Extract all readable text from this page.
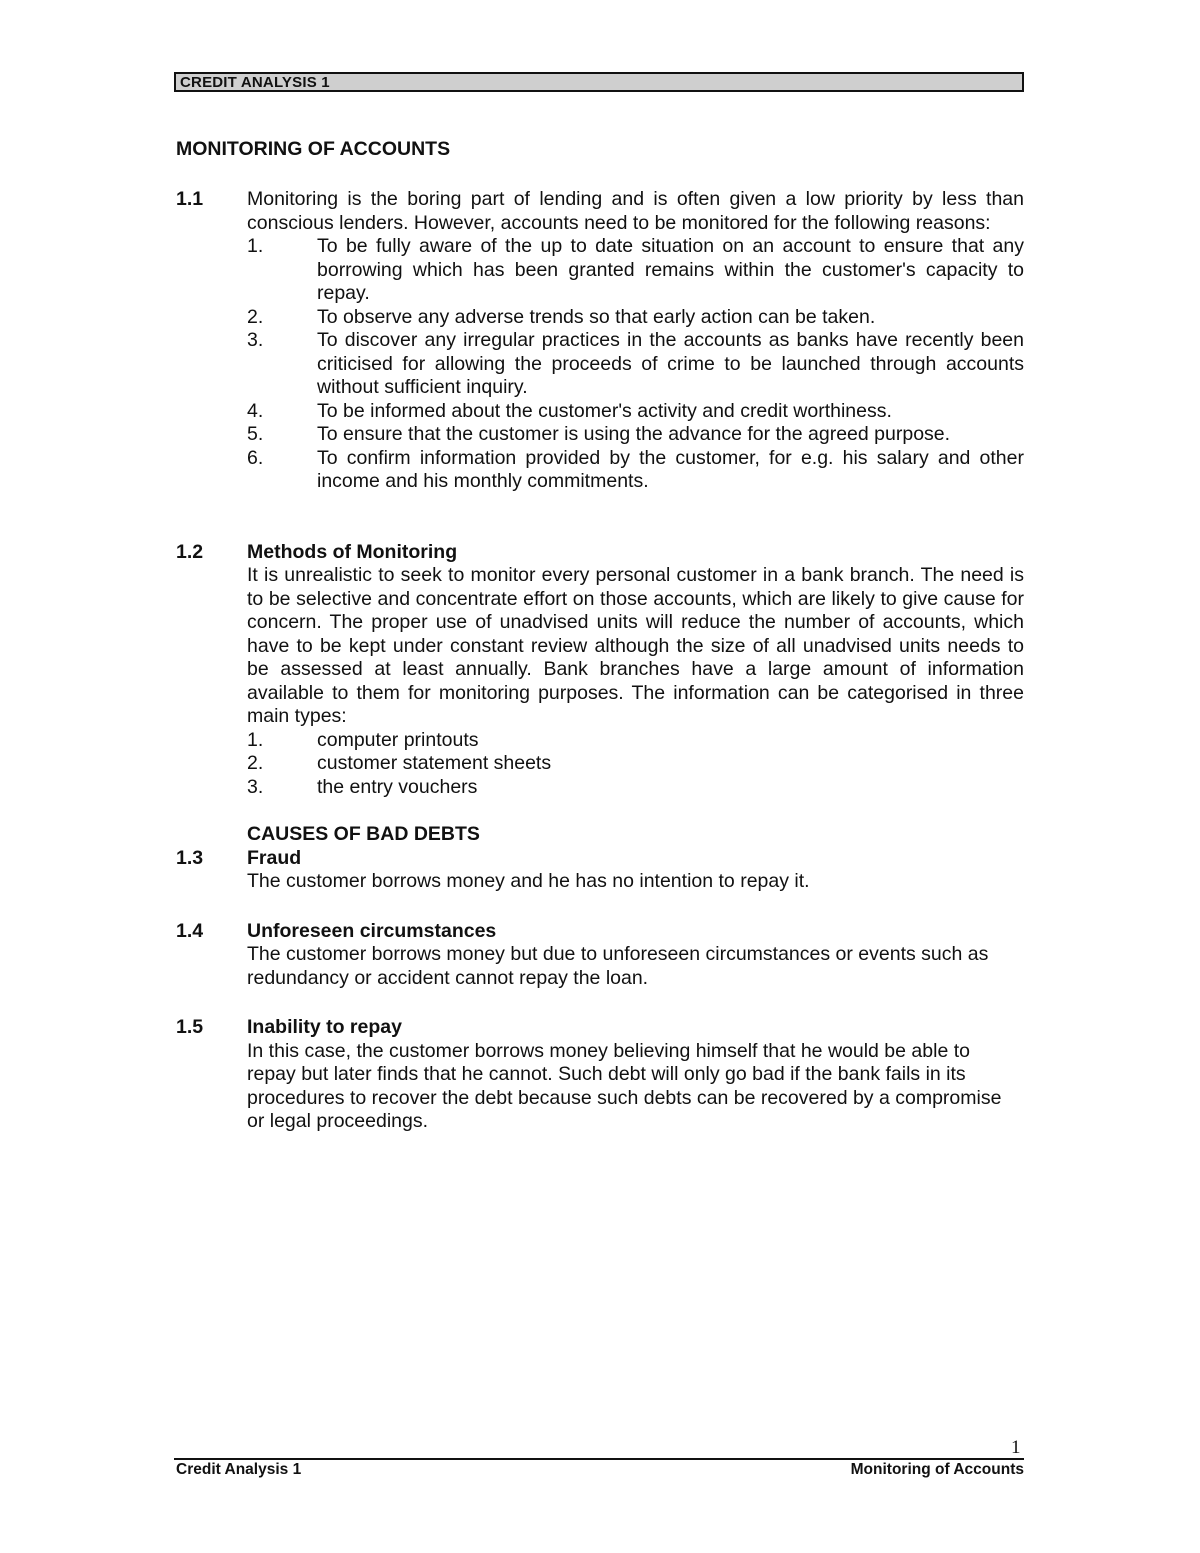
CREDIT ANALYSIS 1
MONITORING OF ACCOUNTS
1.1 Monitoring is the boring part of lending and is often given a low priority by less than conscious lenders. However, accounts need to be monitored for the following reasons:
1.	To be fully aware of the up to date situation on an account to ensure that any borrowing which has been granted remains within the customer's capacity to repay.
2.	To observe any adverse trends so that early action can be taken.
3.	To discover any irregular practices in the accounts as banks have recently been criticised for allowing the proceeds of crime to be launched through accounts without sufficient inquiry.
4.	To be informed about the customer's activity and credit worthiness.
5.	To ensure that the customer is using the advance for the agreed purpose.
6.	To confirm information provided by the customer, for e.g. his salary and other income and his monthly commitments.
1.2 Methods of Monitoring
It is unrealistic to seek to monitor every personal customer in a bank branch. The need is to be selective and concentrate effort on those accounts, which are likely to give cause for concern. The proper use of unadvised units will reduce the number of accounts, which have to be kept under constant review although the size of all unadvised units needs to be assessed at least annually. Bank branches have a large amount of information available to them for monitoring purposes. The information can be categorised in three main types:
1.	computer printouts
2.	customer statement sheets
3.	the entry vouchers
CAUSES OF BAD DEBTS
1.3 Fraud
The customer borrows money and he has no intention to repay it.
1.4 Unforeseen circumstances
The customer borrows money but due to unforeseen circumstances or events such as redundancy or accident cannot repay the loan.
1.5 Inability to repay
In this case, the customer borrows money believing himself that he would be able to repay but later finds that he cannot. Such debt will only go bad if the bank fails in its procedures to recover the debt because such debts can be recovered by a compromise or legal proceedings.
1
Credit Analysis 1	Monitoring of Accounts
